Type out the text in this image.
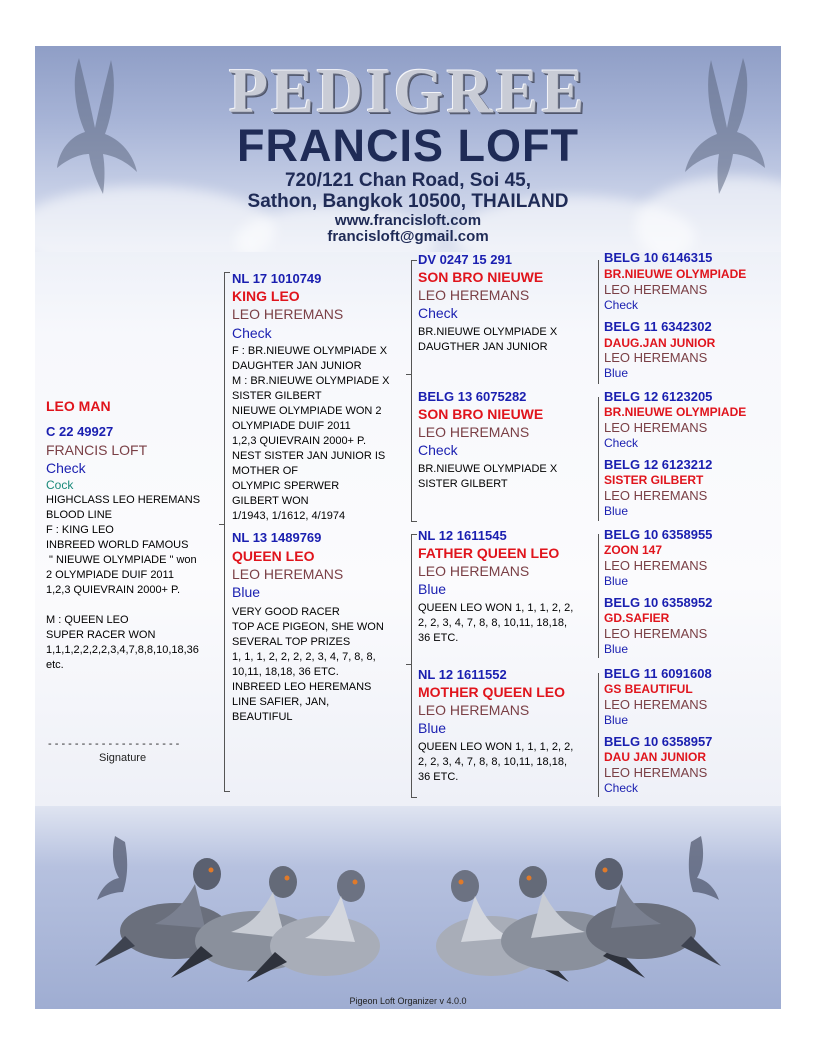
PEDIGREE
FRANCIS LOFT
720/121 Chan Road, Soi 45,
Sathon, Bangkok 10500, THAILAND
www.francisloft.com
francisloft@gmail.com
LEO MAN
C 22 49927
FRANCIS LOFT
Check
Cock
HIGHCLASS LEO HEREMANS
BLOOD LINE
F : KING LEO
INBREED WORLD FAMOUS
" NIEUWE OLYMPIADE " won
2 OLYMPIADE DUIF 2011
1,2,3 QUIEVRAIN 2000+ P.
M : QUEEN LEO
SUPER RACER WON
1,1,1,2,2,2,2,3,4,7,8,8,10,18,36
etc.
- - - - - - - - - - - - - - - - - - - -
Signature
NL 17 1010749
KING LEO
LEO HEREMANS
Check
F : BR.NIEUWE OLYMPIADE X
DAUGHTER JAN JUNIOR
M : BR.NIEUWE OLYMPIADE X
SISTER GILBERT
NIEUWE OLYMPIADE WON 2
OLYMPIADE DUIF 2011
1,2,3 QUIEVRAIN 2000+ P.
NEST SISTER JAN JUNIOR IS
MOTHER OF
OLYMPIC SPERWER
GILBERT WON
1/1943, 1/1612, 4/1974
NL 13 1489769
QUEEN LEO
LEO HEREMANS
Blue
VERY GOOD RACER
TOP ACE PIGEON, SHE WON
SEVERAL TOP PRIZES
1, 1, 1, 2, 2, 2, 2, 3, 4, 7, 8, 8,
10,11, 18,18, 36 ETC.
INBREED LEO HEREMANS
LINE SAFIER, JAN,
BEAUTIFUL
DV 0247 15 291
SON BRO NIEUWE
LEO HEREMANS
Check
BR.NIEUWE OLYMPIADE X
DAUGTHER JAN JUNIOR
BELG 13 6075282
SON BRO NIEUWE
LEO HEREMANS
Check
BR.NIEUWE OLYMPIADE X
SISTER GILBERT
NL 12 1611545
FATHER QUEEN LEO
LEO HEREMANS
Blue
QUEEN LEO WON 1, 1, 1, 2, 2,
2, 2, 3, 4, 7, 8, 8, 10,11, 18,18,
36 ETC.
NL 12 1611552
MOTHER QUEEN LEO
LEO HEREMANS
Blue
QUEEN LEO WON 1, 1, 1, 2, 2,
2, 2, 3, 4, 7, 8, 8, 10,11, 18,18,
36 ETC.
BELG 10 6146315
BR.NIEUWE OLYMPIADE
LEO HEREMANS
Check
BELG 11 6342302
DAUG.JAN JUNIOR
LEO HEREMANS
Blue
BELG 12 6123205
BR.NIEUWE OLYMPIADE
LEO HEREMANS
Check
BELG 12 6123212
SISTER GILBERT
LEO HEREMANS
Blue
BELG 10 6358955
ZOON 147
LEO HEREMANS
Blue
BELG 10 6358952
GD.SAFIER
LEO HEREMANS
Blue
BELG 11 6091608
GS BEAUTIFUL
LEO HEREMANS
Blue
BELG 10 6358957
DAU JAN JUNIOR
LEO HEREMANS
Check
Pigeon Loft Organizer v 4.0.0
